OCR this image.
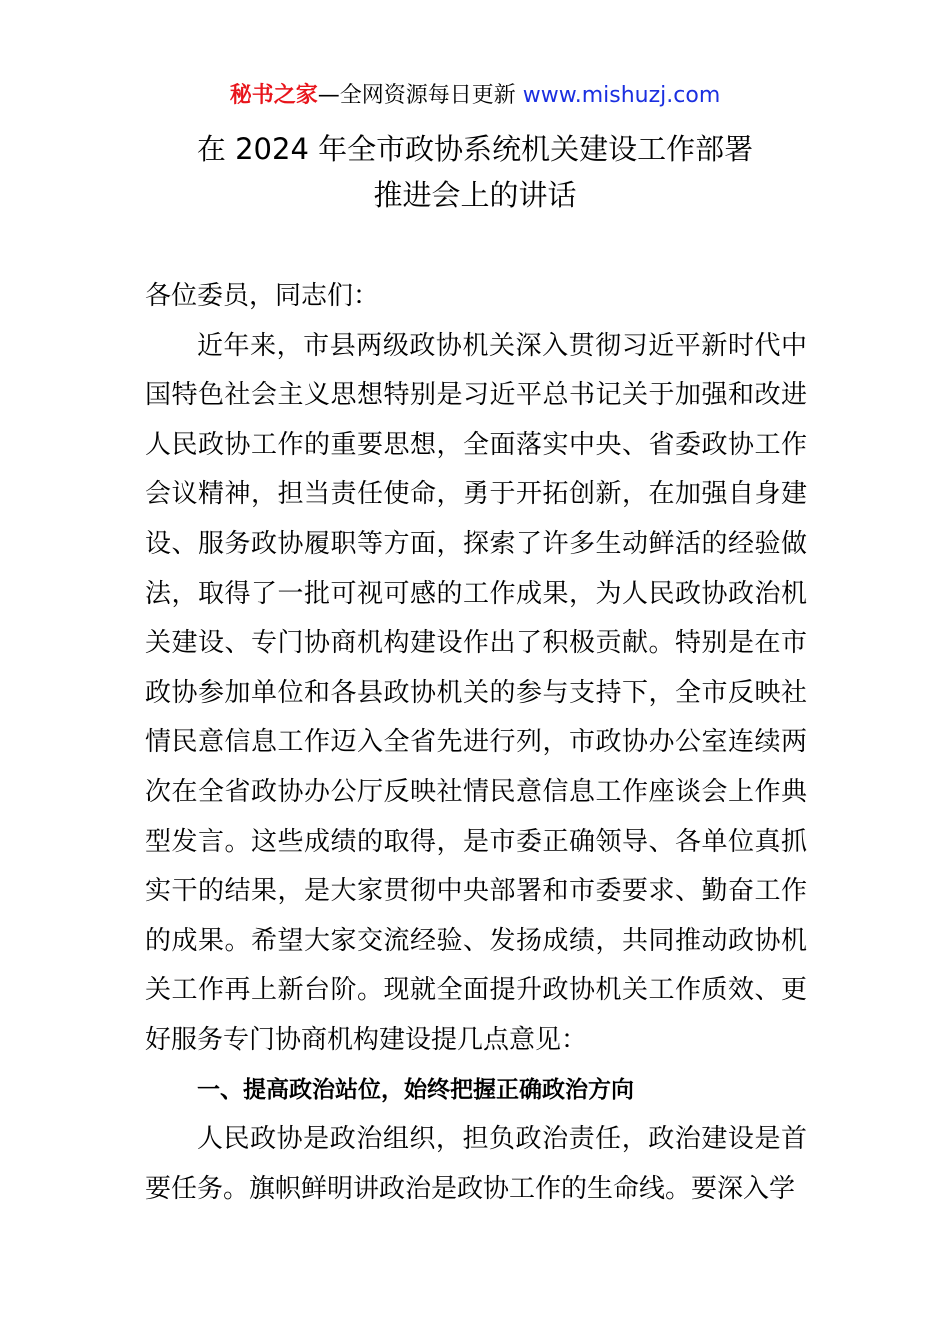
秘书之家—全网资源每日更新 www.mishuzj.com
在 2024 年全市政协系统机关建设工作部署
推进会上的讲话

各位委员，同志们：

近年来，市县两级政协机关深入贯彻习近平新时代中国特色社会主义思想特别是习近平总书记关于加强和改进人民政协工作的重要思想，全面落实中央、省委政协工作会议精神，担当责任使命，勇于开拓创新，在加强自身建设、服务政协履职等方面，探索了许多生动鲜活的经验做法，取得了一批可视可感的工作成果，为人民政协政治机关建设、专门协商机构建设作出了积极贡献。特别是在市政协参加单位和各县政协机关的参与支持下，全市反映社情民意信息工作迈入全省先进行列，市政协办公室连续两次在全省政协办公厅反映社情民意信息工作座谈会上作典型发言。这些成绩的取得，是市委正确领导、各单位真抓实干的结果，是大家贯彻中央部署和市委要求、勤奋工作的成果。希望大家交流经验、发扬成绩，共同推动政协机关工作再上新台阶。现就全面提升政协机关工作质效、更好服务专门协商机构建设提几点意见：

一、提高政治站位，始终把握正确政治方向

人民政协是政治组织，担负政治责任，政治建设是首要任务。旗帜鲜明讲政治是政协工作的生命线。要深入学
